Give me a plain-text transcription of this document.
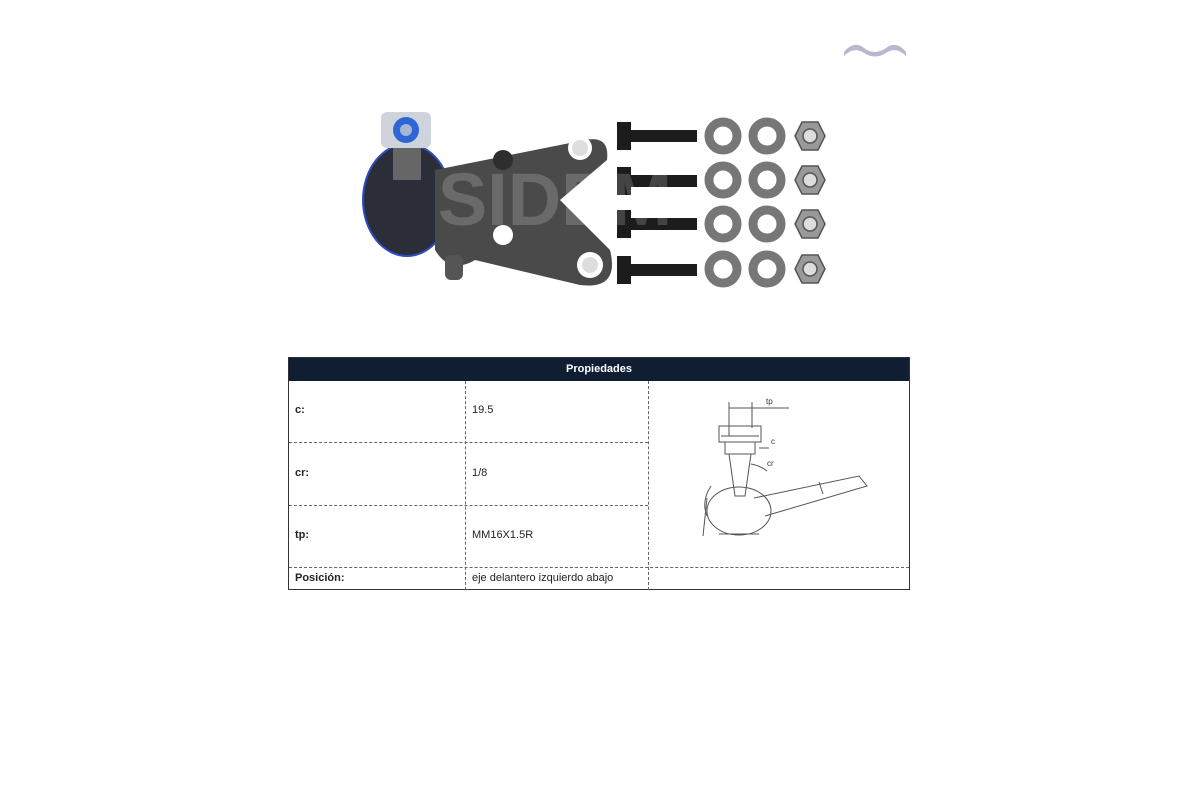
SIDEM
Propiedades
c:	19.5
cr:	1/8
tp:	MM16X1.5R
Posición:	eje delantero izquierdo abajo
tp
c
cr
